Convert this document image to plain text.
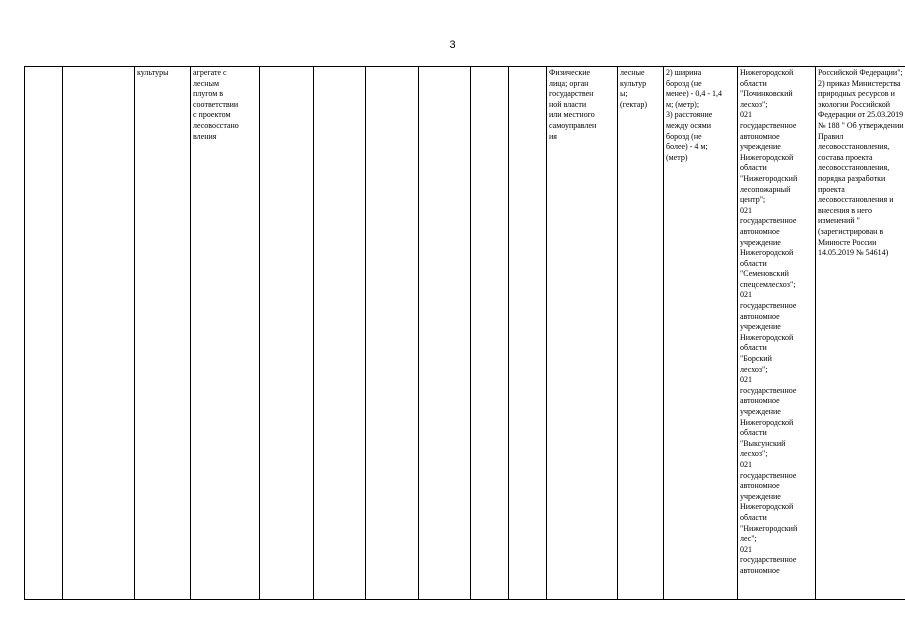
3

культуры	агрегате с
лесным
плугом в
соответствии
с проектом
лесовосстано
вления

Физические
лица; орган
государствен
ной власти
или местного
самоуправлен
ия

лесные
культур
ы;
(гектар)

2) ширина
борозд (не
менее) - 0,4 - 1,4
м; (метр);
3) расстояние
между осями
борозд (не
более) - 4 м;
(метр)

Нижегородской
области
"Починковский
лесхоз";
021
государственное
автономное
учреждение
Нижегородской
области
"Нижегородский
лесопожарный
центр";
021
государственное
автономное
учреждение
Нижегородской
области
"Семеновский
спецсемлесхоз";
021
государственное
автономное
учреждение
Нижегородской
области
"Борский
лесхоз";
021
государственное
автономное
учреждение
Нижегородской
области
"Выксунский
лесхоз";
021
государственное
автономное
учреждение
Нижегородской
области
"Нижегородский
лес";
021
государственное
автономное

Российской Федерации";
2) приказ Министерства
природных ресурсов и
экологии Российской
Федерации от 25.03.2019
№ 188 " Об утверждении
Правил
лесовосстановления,
состава проекта
лесовосстановления,
порядка разработки
проекта
лесовосстановления и
внесения в него
изменений "
(зарегистрирован в
Минюсте России
14.05.2019 № 54614)
